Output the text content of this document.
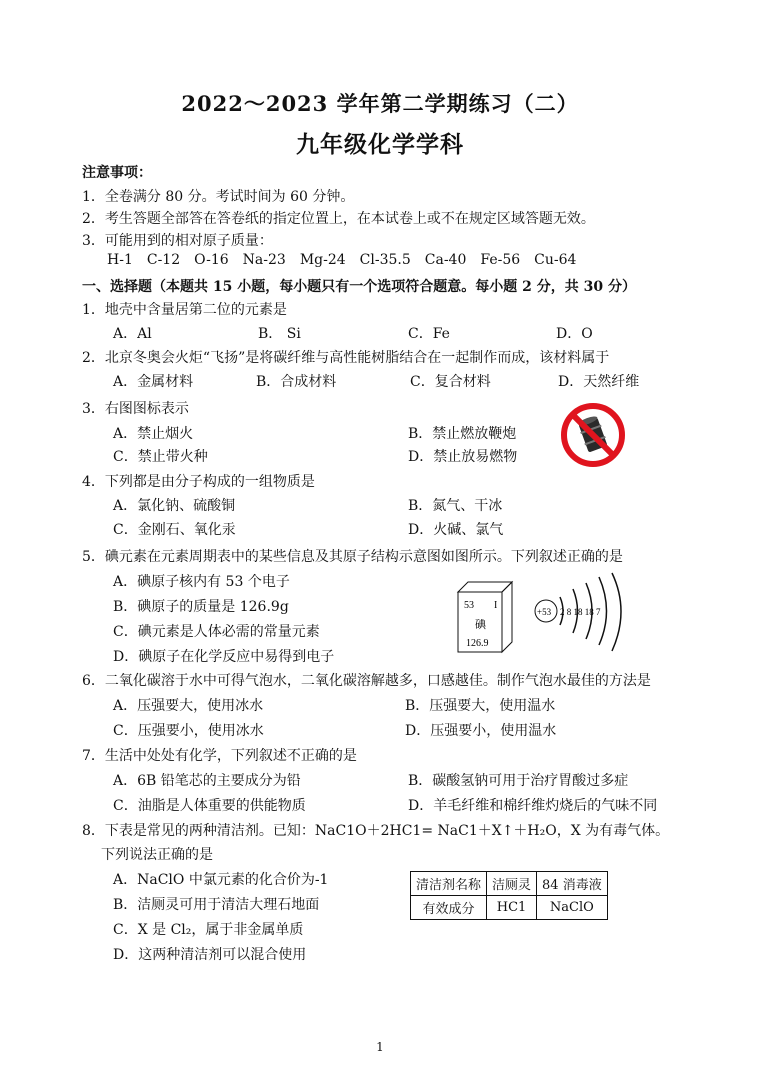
2022～2023 学年第二学期练习（二）
九年级化学学科
注意事项：
1．全卷满分 80 分。考试时间为 60 分钟。
2．考生答题全部答在答卷纸的指定位置上，在本试卷上或不在规定区域答题无效。
3．可能用到的相对原子质量：
H-1 C-12 O-16 Na-23 Mg-24 Cl-35.5 Ca-40 Fe-56 Cu-64
一、选择题（本题共 15 小题，每小题只有一个选项符合题意。每小题 2 分，共 30 分）
1．地壳中含量居第二位的元素是
A．Al	B． Si	C．Fe	D．O
2．北京冬奥会火炬“飞扬”是将碳纤维与高性能树脂结合在一起制作而成，该材料属于
A．金属材料	B．合成材料	C．复合材料	D．天然纤维
3．右图图标表示
A．禁止烟火	B．禁止燃放鞭炮
C．禁止带火种	D．禁止放易燃物
4．下列都是由分子构成的一组物质是
A．氯化钠、硫酸铜	B．氮气、干冰
C．金刚石、氧化汞	D．火碱、氯气
5．碘元素在元素周期表中的某些信息及其原子结构示意图如图所示。下列叙述正确的是
A．碘原子核内有 53 个电子
B．碘原子的质量是 126.9g
C．碘元素是人体必需的常量元素
D．碘原子在化学反应中易得到电子
53 I
碘
126.9
+53 2 8 18 18 7
6．二氧化碳溶于水中可得气泡水，二氧化碳溶解越多，口感越佳。制作气泡水最佳的方法是
A．压强要大，使用冰水	B．压强要大，使用温水
C．压强要小，使用冰水	D．压强要小，使用温水
7．生活中处处有化学，下列叙述不正确的是
A．6B 铅笔芯的主要成分为铅	B．碳酸氢钠可用于治疗胃酸过多症
C．油脂是人体重要的供能物质	D．羊毛纤维和棉纤维灼烧后的气味不同
8．下表是常见的两种清洁剂。已知：NaC1O＋2HC1= NaC1＋X↑＋H₂O，X 为有毒气体。
下列说法正确的是
A．NaClO 中氯元素的化合价为-1
B．洁厕灵可用于清洁大理石地面
C．X 是 Cl₂，属于非金属单质
D．这两种清洁剂可以混合使用
清洁剂名称	洁厕灵	84 消毒液
有效成分	HC1	NaClO
1
